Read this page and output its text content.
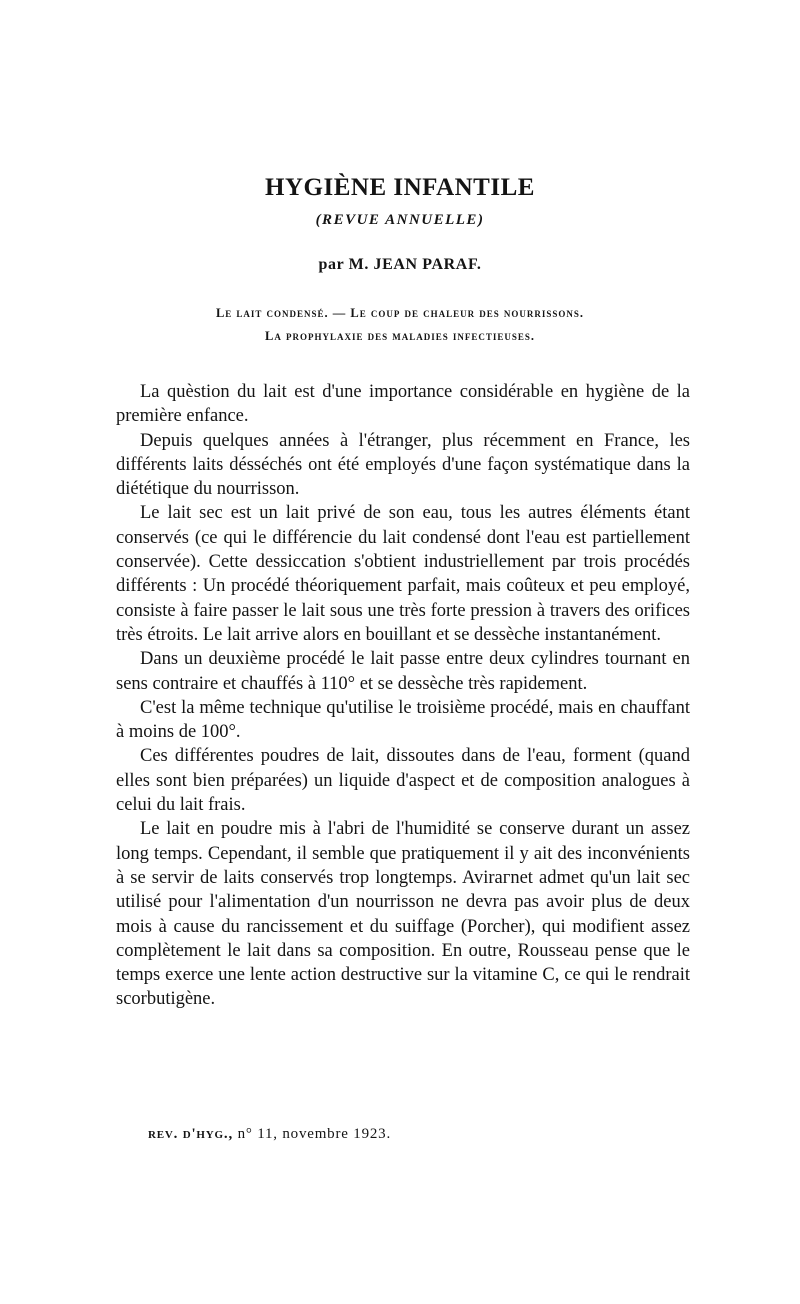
HYGIÈNE INFANTILE
(REVUE ANNUELLE)
par M. JEAN PARAF.
Le lait condensé. — Le coup de chaleur des nourrissons.
La prophylaxie des maladies infectieuses.

La quèstion du lait est d'une importance considérable en hygiène de la première enfance.

Depuis quelques années à l'étranger, plus récemment en France, les différents laits désséchés ont été employés d'une façon systématique dans la diététique du nourrisson.

Le lait sec est un lait privé de son eau, tous les autres éléments étant conservés (ce qui le différencie du lait condensé dont l'eau est partiellement conservée). Cette dessiccation s'obtient industriellement par trois procédés différents : Un procédé théoriquement parfait, mais coûteux et peu employé, consiste à faire passer le lait sous une très forte pression à travers des orifices très étroits. Le lait arrive alors en bouillant et se dessèche instantanément.

Dans un deuxième procédé le lait passe entre deux cylindres tournant en sens contraire et chauffés à 110° et se dessèche très rapidement.

C'est la même technique qu'utilise le troisième procédé, mais en chauffant à moins de 100°.

Ces différentes poudres de lait, dissoutes dans de l'eau, forment (quand elles sont bien préparées) un liquide d'aspect et de composition analogues à celui du lait frais.

Le lait en poudre mis à l'abri de l'humidité se conserve durant un assez long temps. Cependant, il semble que pratiquement il y ait des inconvénients à se servir de laits conservés trop longtemps. Avirагnet admet qu'un lait sec utilisé pour l'alimentation d'un nourrisson ne devra pas avoir plus de deux mois à cause du rancissement et du suiffage (Porcher), qui modifient assez complètement le lait dans sa composition. En outre, Rousseau pense que le temps exerce une lente action destructive sur la vitamine C, ce qui le rendrait scorbutigène.

rev. d'hyg., n° 11, novembre 1923.
